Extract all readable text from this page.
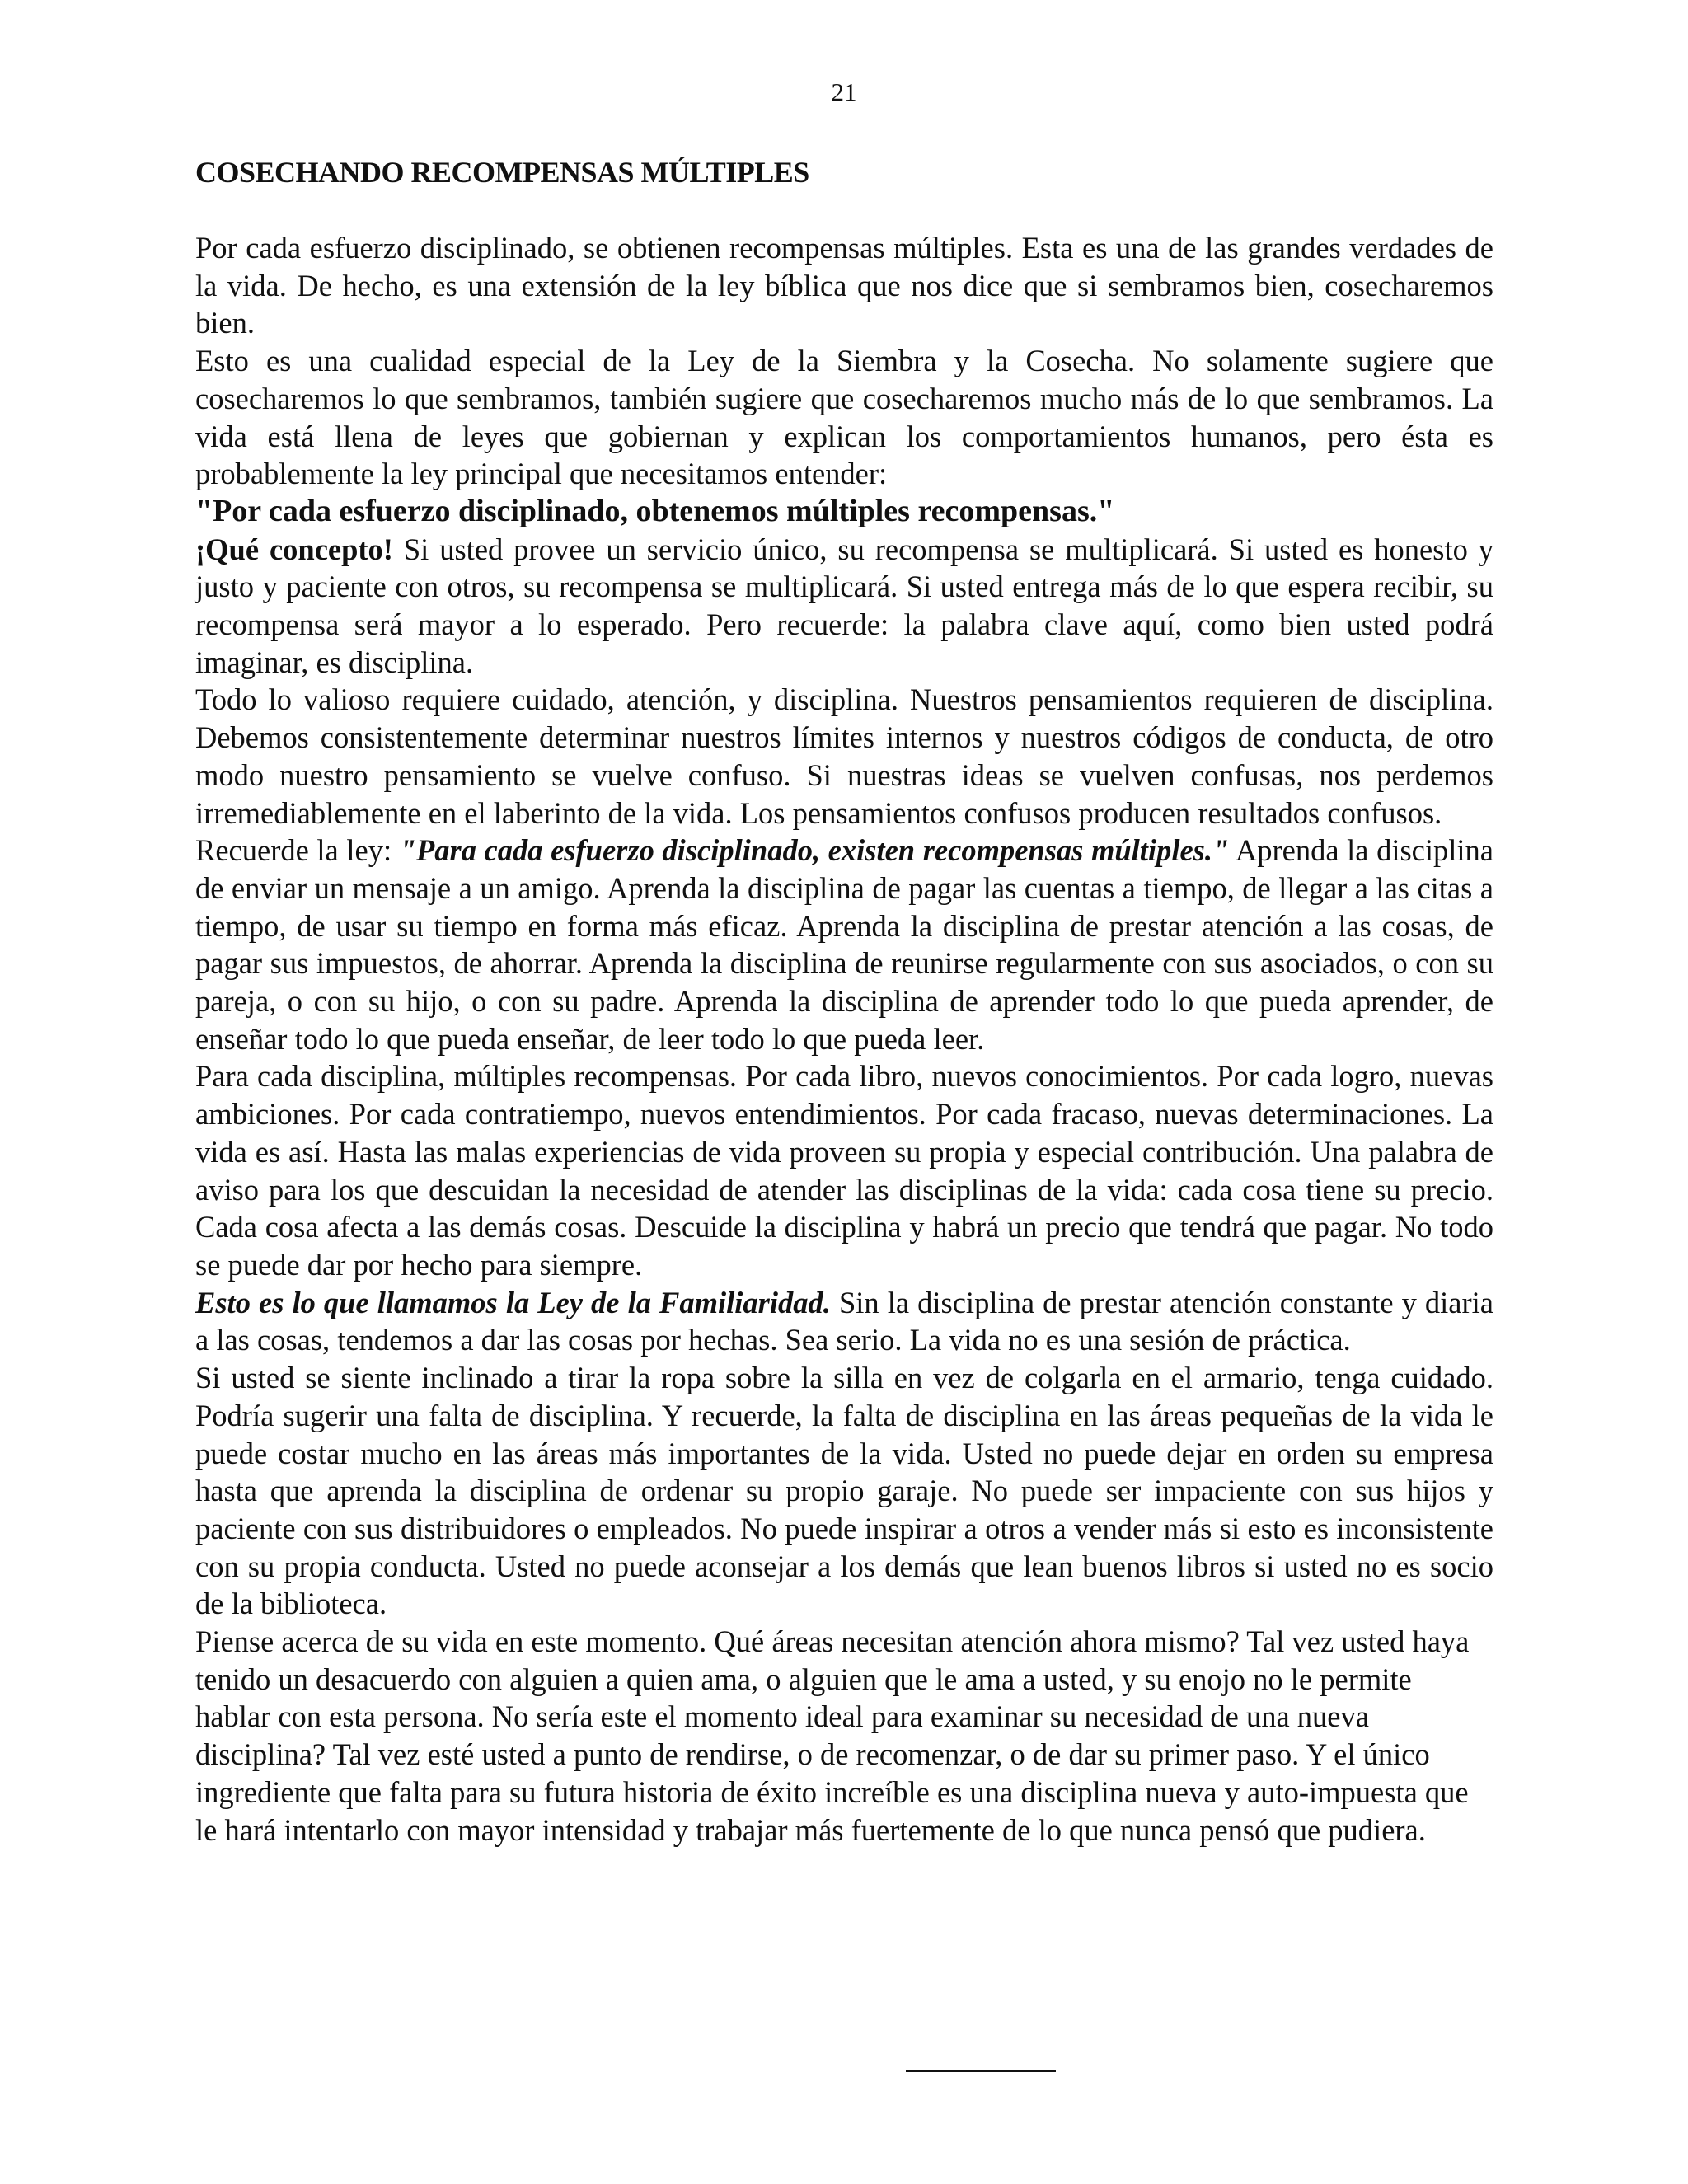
21
COSECHANDO RECOMPENSAS MÚLTIPLES

Por cada esfuerzo disciplinado, se obtienen recompensas múltiples. Esta es una de las grandes verdades de la vida. De hecho, es una extensión de la ley bíblica que nos dice que si sembramos bien, cosecharemos bien.

Esto es una cualidad especial de la Ley de la Siembra y la Cosecha. No solamente sugiere que cosecharemos lo que sembramos, también sugiere que cosecharemos mucho más de lo que sembramos. La vida está llena de leyes que gobiernan y explican los comportamientos humanos, pero ésta es probablemente la ley principal que necesitamos entender:

"Por cada esfuerzo disciplinado, obtenemos múltiples recompensas."

¡Qué concepto! Si usted provee un servicio único, su recompensa se multiplicará. Si usted es honesto y justo y paciente con otros, su recompensa se multiplicará. Si usted entrega más de lo que espera recibir, su recompensa será mayor a lo esperado. Pero recuerde: la palabra clave aquí, como bien usted podrá imaginar, es disciplina.

Todo lo valioso requiere cuidado, atención, y disciplina. Nuestros pensamientos requieren de disciplina. Debemos consistentemente determinar nuestros límites internos y nuestros códigos de conducta, de otro modo nuestro pensamiento se vuelve confuso. Si nuestras ideas se vuelven confusas, nos perdemos irremediablemente en el laberinto de la vida. Los pensamientos confusos producen resultados confusos.

Recuerde la ley: "Para cada esfuerzo disciplinado, existen recompensas múltiples." Aprenda la disciplina de enviar un mensaje a un amigo. Aprenda la disciplina de pagar las cuentas a tiempo, de llegar a las citas a tiempo, de usar su tiempo en forma más eficaz. Aprenda la disciplina de prestar atención a las cosas, de pagar sus impuestos, de ahorrar. Aprenda la disciplina de reunirse regularmente con sus asociados, o con su pareja, o con su hijo, o con su padre. Aprenda la disciplina de aprender todo lo que pueda aprender, de enseñar todo lo que pueda enseñar, de leer todo lo que pueda leer.

Para cada disciplina, múltiples recompensas. Por cada libro, nuevos conocimientos. Por cada logro, nuevas ambiciones. Por cada contratiempo, nuevos entendimientos. Por cada fracaso, nuevas determinaciones. La vida es así. Hasta las malas experiencias de vida proveen su propia y especial contribución. Una palabra de aviso para los que descuidan la necesidad de atender las disciplinas de la vida: cada cosa tiene su precio. Cada cosa afecta a las demás cosas. Descuide la disciplina y habrá un precio que tendrá que pagar. No todo se puede dar por hecho para siempre.

Esto es lo que llamamos la Ley de la Familiaridad. Sin la disciplina de prestar atención constante y diaria a las cosas, tendemos a dar las cosas por hechas. Sea serio. La vida no es una sesión de práctica.

Si usted se siente inclinado a tirar la ropa sobre la silla en vez de colgarla en el armario, tenga cuidado. Podría sugerir una falta de disciplina. Y recuerde, la falta de disciplina en las áreas pequeñas de la vida le puede costar mucho en las áreas más importantes de la vida. Usted no puede dejar en orden su empresa hasta que aprenda la disciplina de ordenar su propio garaje. No puede ser impaciente con sus hijos y paciente con sus distribuidores o empleados. No puede inspirar a otros a vender más si esto es inconsistente con su propia conducta. Usted no puede aconsejar a los demás que lean buenos libros si usted no es socio de la biblioteca.

Piense acerca de su vida en este momento. Qué áreas necesitan atención ahora mismo? Tal vez usted haya tenido un desacuerdo con alguien a quien ama, o alguien que le ama a usted, y su enojo no le permite hablar con esta persona. No sería este el momento ideal para examinar su necesidad de una nueva disciplina? Tal vez esté usted a punto de rendirse, o de recomenzar, o de dar su primer paso. Y el único ingrediente que falta para su futura historia de éxito increíble es una disciplina nueva y auto-impuesta que le hará intentarlo con mayor intensidad y trabajar más fuertemente de lo que nunca pensó que pudiera.
